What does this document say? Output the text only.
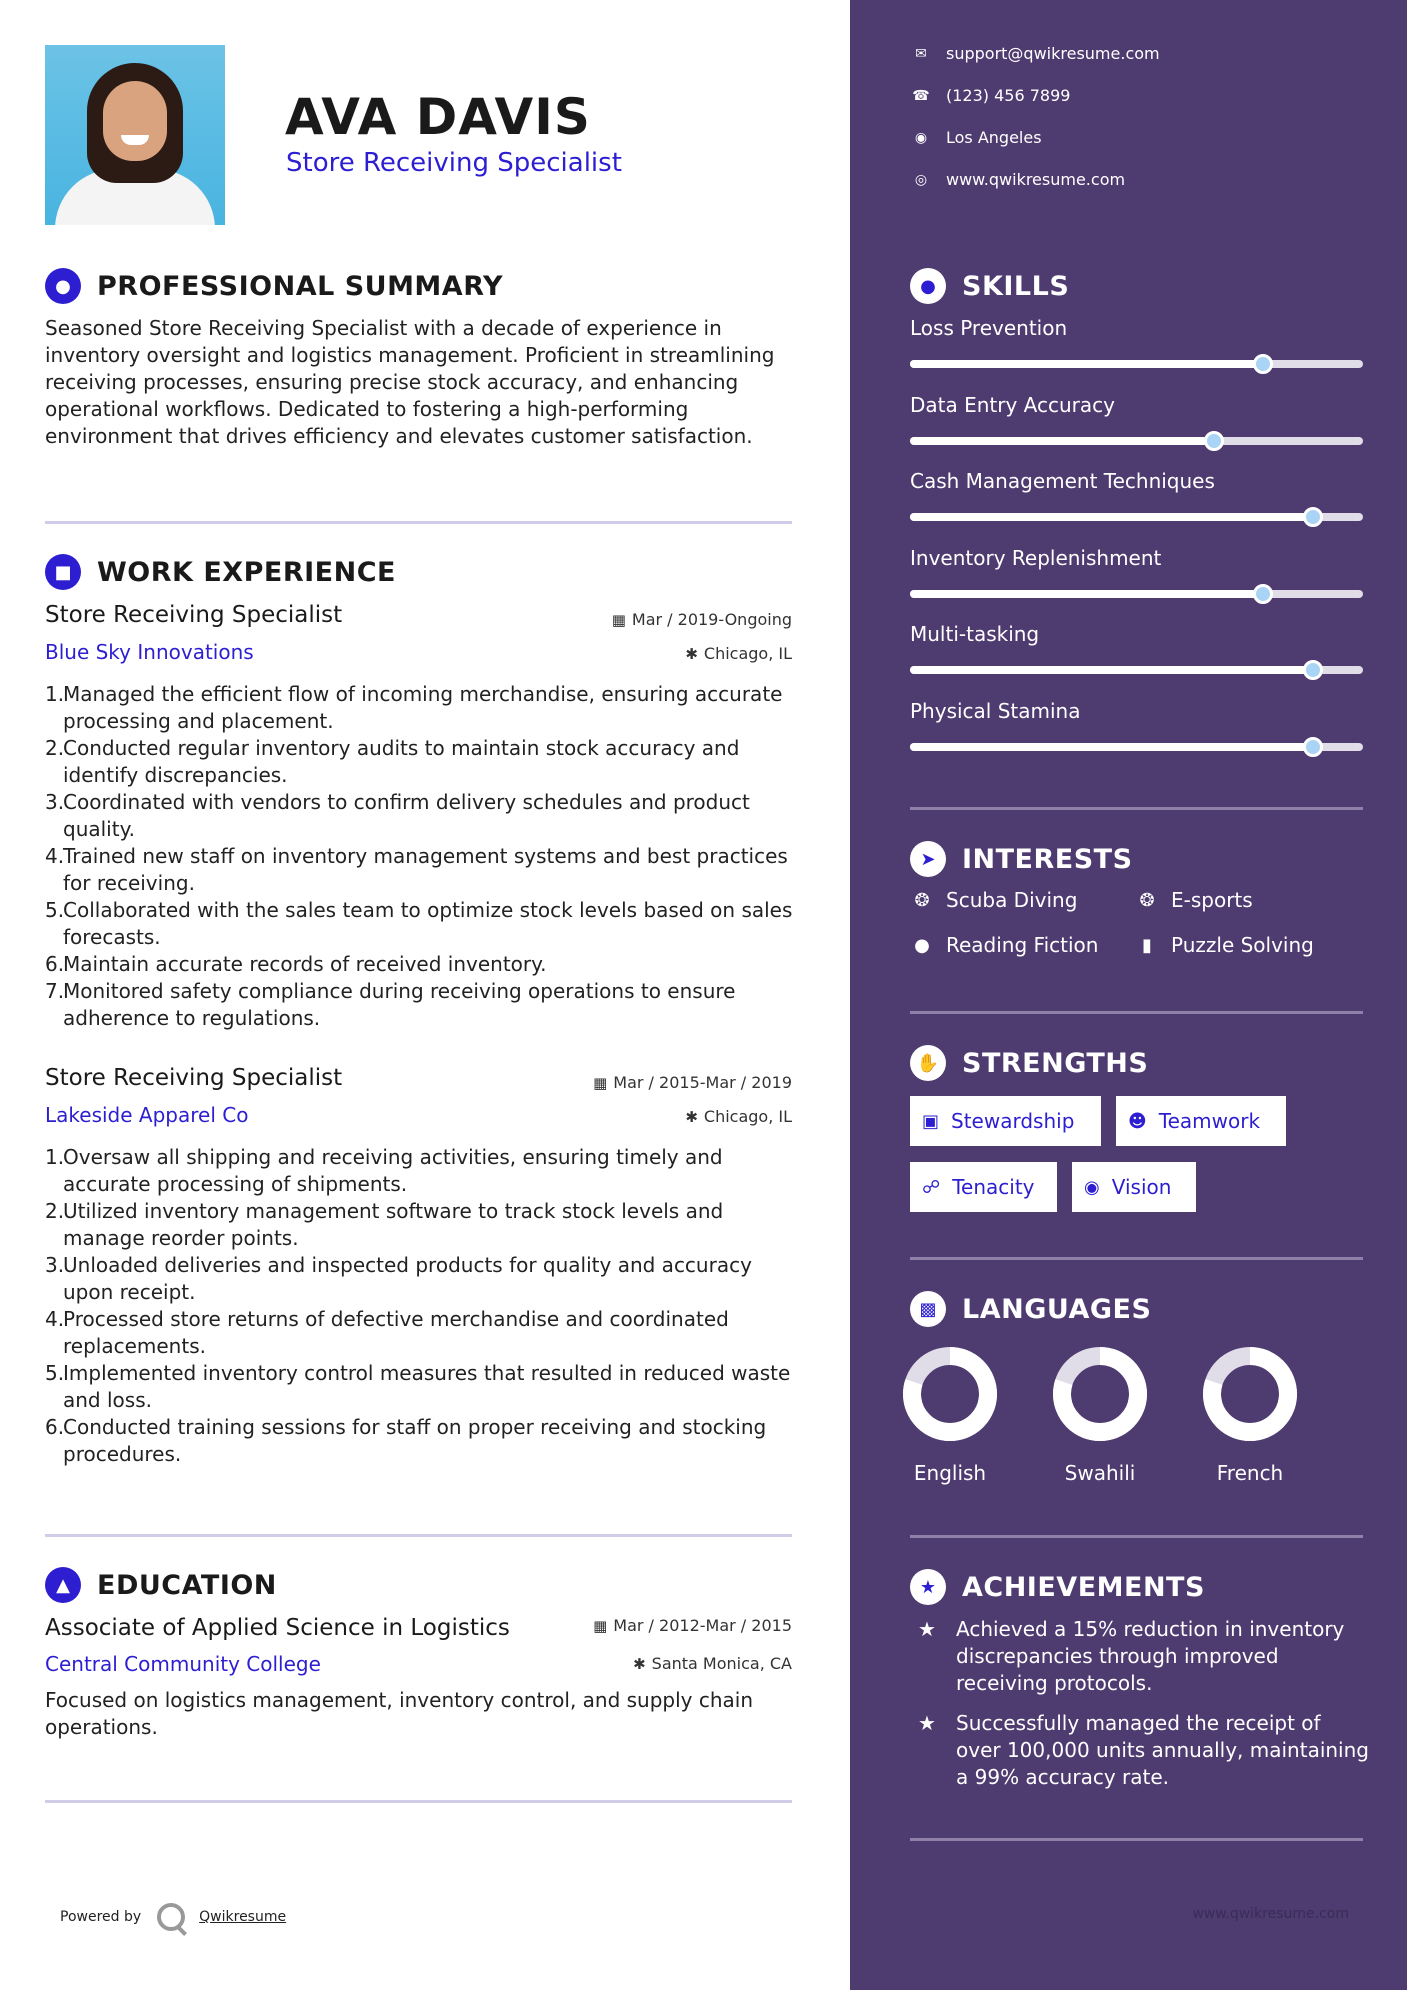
AVA DAVIS
Store Receiving Specialist
● PROFESSIONAL SUMMARY
Seasoned Store Receiving Specialist with a decade of experience in inventory oversight and logistics management. Proficient in streamlining receiving processes, ensuring precise stock accuracy, and enhancing operational workflows. Dedicated to fostering a high-performing environment that drives efficiency and elevates customer satisfaction.
■ WORK EXPERIENCE
Store Receiving Specialist	▦ Mar / 2019-Ongoing
Blue Sky Innovations	✱ Chicago, IL
1.
Managed the efficient flow of incoming merchandise, ensuring accurate processing and placement.
2.
Conducted regular inventory audits to maintain stock accuracy and identify discrepancies.
3.
Coordinated with vendors to confirm delivery schedules and product quality.
4.
Trained new staff on inventory management systems and best practices for receiving.
5.
Collaborated with the sales team to optimize stock levels based on sales forecasts.
6.
Maintain accurate records of received inventory.
7.
Monitored safety compliance during receiving operations to ensure adherence to regulations.
Store Receiving Specialist	▦ Mar / 2015-Mar / 2019
Lakeside Apparel Co	✱ Chicago, IL
1.
Oversaw all shipping and receiving activities, ensuring timely and accurate processing of shipments.
2.
Utilized inventory management software to track stock levels and manage reorder points.
3.
Unloaded deliveries and inspected products for quality and accuracy upon receipt.
4.
Processed store returns of defective merchandise and coordinated replacements.
5.
Implemented inventory control measures that resulted in reduced waste and loss.
6.
Conducted training sessions for staff on proper receiving and stocking procedures.
▲	EDUCATION
Associate of Applied Science in Logistics	▦ Mar / 2012-Mar / 2015
Central Community College	✱ Santa Monica, CA
Focused on logistics management, inventory control, and supply chain operations.
Powered by	Qwikresume
✉	support@qwikresume.com
☎ (123) 456 7899
◉	Los Angeles
◎	www.qwikresume.com
● SKILLS
Loss Prevention
Data Entry Accuracy
Cash Management Techniques
Inventory Replenishment
Multi-tasking
Physical Stamina
➤ INTERESTS
❂ Scuba Diving	❂ E-sports
● Reading Fiction	▮ Puzzle Solving
✋ STRENGTHS
▣ Stewardship	☻ Teamwork
☍ Tenacity	◉ Vision
▩ LANGUAGES
English	Swahili	French
★ ACHIEVEMENTS
★	Achieved a 15% reduction in inventory discrepancies through improved receiving protocols.
★	Successfully managed the receipt of over 100,000 units annually, maintaining a 99% accuracy rate.
www.qwikresume.com
